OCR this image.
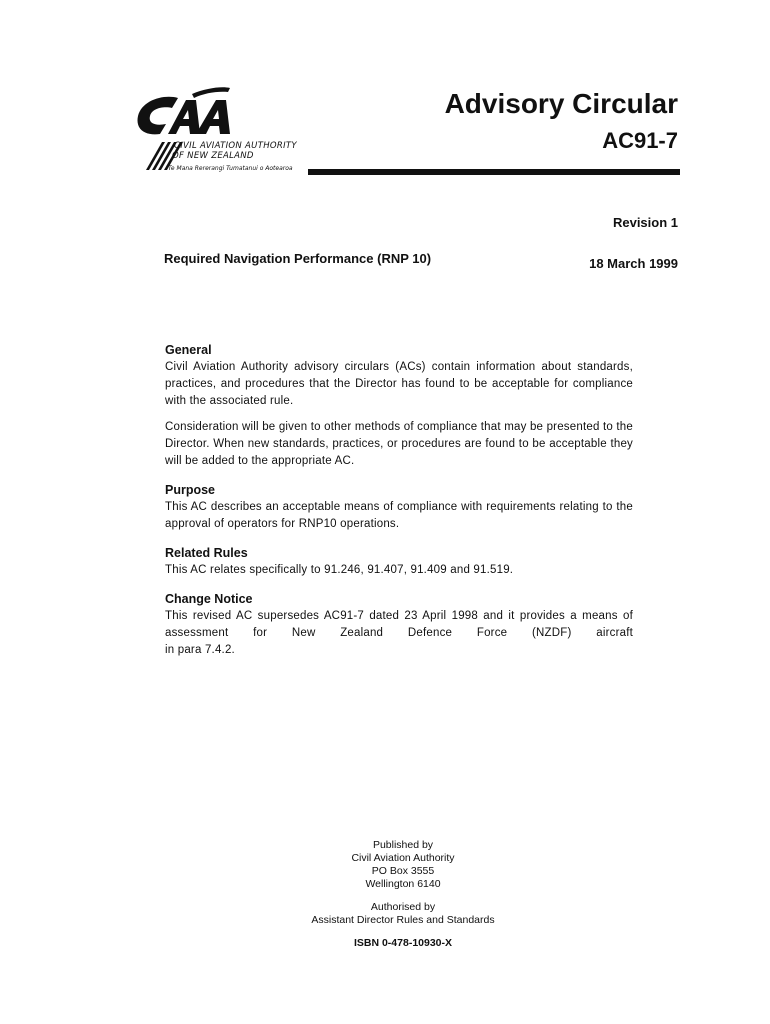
CIVIL AVIATION AUTHORITY
OF NEW ZEALAND
Te Mana Rererangi Tumatanui o Aotearoa
Advisory Circular
AC91-7
Revision 1
Required Navigation Performance (RNP 10)	18 March 1999
General

Civil Aviation Authority advisory circulars (ACs) contain information about standards, practices, and procedures that the Director has found to be acceptable for compliance with the associated rule.

Consideration will be given to other methods of compliance that may be presented to the Director. When new standards, practices, or procedures are found to be acceptable they will be added to the appropriate AC.

Purpose

This AC describes an acceptable means of compliance with requirements relating to the approval of operators for RNP10 operations.

Related Rules

This AC relates specifically to 91.246, 91.407, 91.409 and 91.519.

Change Notice

This revised AC supersedes AC91-7 dated 23 April 1998 and it provides a means of assessment for New Zealand Defence Force (NZDF) aircraft

in para 7.4.2.

Published by
Civil Aviation Authority
PO Box 3555
Wellington 6140
Authorised by
Assistant Director Rules and Standards
ISBN 0-478-10930-X
